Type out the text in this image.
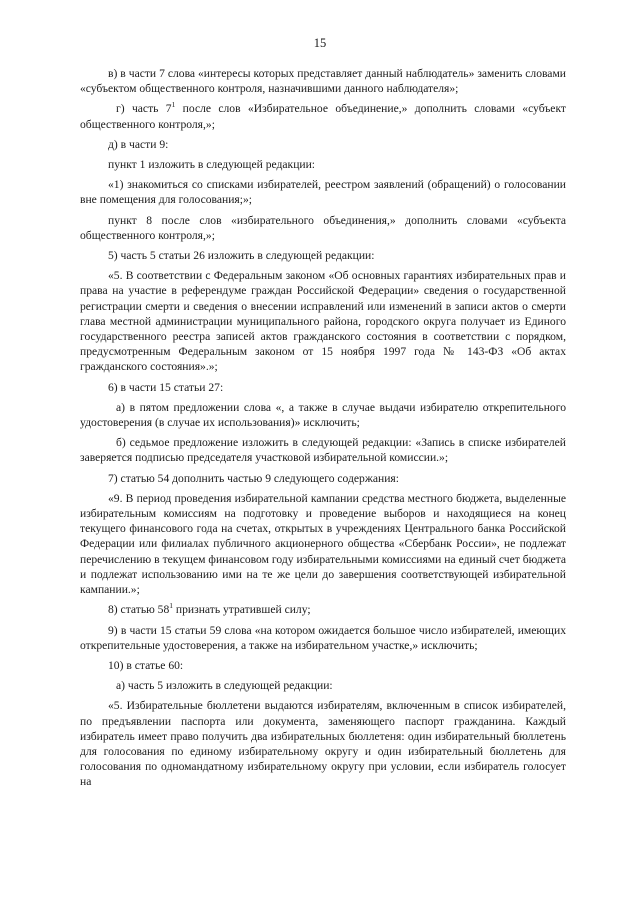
15

в) в части 7 слова «интересы которых представляет данный наблюдатель» заменить словами «субъектом общественного контроля, назначившими данного наблюдателя»;

г) часть $7^1$ после слов «Избирательное объединение,» дополнить словами «субъект общественного контроля,»;

д) в части 9:

пункт 1 изложить в следующей редакции:

«1) знакомиться со списками избирателей, реестром заявлений (обращений) о голосовании вне помещения для голосования;»;

пункт 8 после слов «избирательного объединения,» дополнить словами «субъекта общественного контроля,»;

5) часть 5 статьи 26 изложить в следующей редакции:

«5. В соответствии с Федеральным законом «Об основных гарантиях избирательных прав и права на участие в референдуме граждан Российской Федерации» сведения о государственной регистрации смерти и сведения о внесении исправлений или изменений в записи актов о смерти глава местной администрации муниципального района, городского округа получает из Единого государственного реестра записей актов гражданского состояния в соответствии с порядком, предусмотренным Федеральным законом от 15 ноября 1997 года № 143-ФЗ «Об актах гражданского состояния».»;

6) в части 15 статьи 27:

а) в пятом предложении слова «, а также в случае выдачи избирателю открепительного удостоверения (в случае их использования)» исключить;

б) седьмое предложение изложить в следующей редакции: «Запись в списке избирателей заверяется подписью председателя участковой избирательной комиссии.»;

7) статью 54 дополнить частью 9 следующего содержания:

«9. В период проведения избирательной кампании средства местного бюджета, выделенные избирательным комиссиям на подготовку и проведение выборов и находящиеся на конец текущего финансового года на счетах, открытых в учреждениях Центрального банка Российской Федерации или филиалах публичного акционерного общества «Сбербанк России», не подлежат перечислению в текущем финансовом году избирательными комиссиями на единый счет бюджета и подлежат использованию ими на те же цели до завершения соответствующей избирательной кампании.»;

8) статью $58^1$ признать утратившей силу;

9) в части 15 статьи 59 слова «на котором ожидается большое число избирателей, имеющих открепительные удостоверения, а также на избирательном участке,» исключить;

10) в статье 60:

а) часть 5 изложить в следующей редакции:

«5. Избирательные бюллетени выдаются избирателям, включенным в список избирателей, по предъявлении паспорта или документа, заменяющего паспорт гражданина. Каждый избиратель имеет право получить два избирательных бюллетеня: один избирательный бюллетень для голосования по единому избирательному округу и один избирательный бюллетень для голосования по одномандатному избирательному округу при условии, если избиратель голосует на
